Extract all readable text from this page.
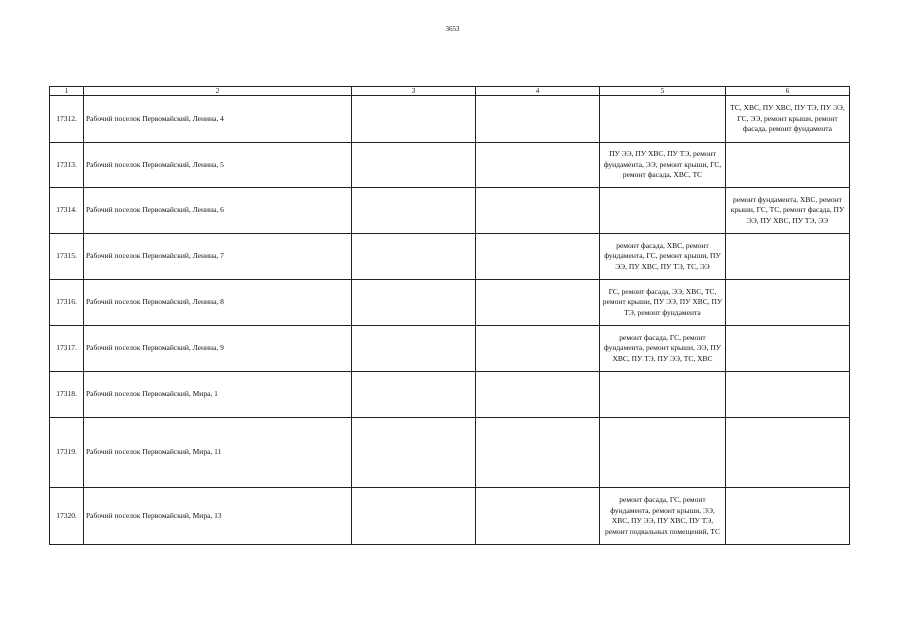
3653
1	2	3	4	5	6
17312.	Рабочий поселок Первомайский, Ленина, 4				ТС, ХВС, ПУ ХВС, ПУ ТЭ, ПУ ЭЭ, ГС, ЭЭ, ремонт крыши, ремонт фасада, ремонт фундамента
17313.	Рабочий поселок Первомайский, Ленина, 5			ПУ ЭЭ, ПУ ХВС, ПУ ТЭ, ремонт фундамента, ЭЭ, ремонт крыши, ГС, ремонт фасада, ХВС, ТС	
17314.	Рабочий поселок Первомайский, Ленина, 6				ремонт фундамента, ХВС, ремонт крыши, ГС, ТС, ремонт фасада, ПУ ЭЭ, ПУ ХВС, ПУ ТЭ, ЭЭ
17315.	Рабочий поселок Первомайский, Ленина, 7			ремонт фасада, ХВС, ремонт фундамента, ГС, ремонт крыши, ПУ ЭЭ, ПУ ХВС, ПУ ТЭ, ТС, ЭЭ	
17316.	Рабочий поселок Первомайский, Ленина, 8			ГС, ремонт фасада, ЭЭ, ХВС, ТС, ремонт крыши, ПУ ЭЭ, ПУ ХВС, ПУ ТЭ, ремонт фундамента	
17317.	Рабочий поселок Первомайский, Ленина, 9			ремонт фасада, ГС, ремонт фундамента, ремонт крыши, ЭЭ, ПУ ХВС, ПУ ТЭ, ПУ ЭЭ, ТС, ХВС	
17318.	Рабочий поселок Первомайский, Мира, 1				
17319.	Рабочий поселок Первомайский, Мира, 11				
17320.	Рабочий поселок Первомайский, Мира, 13			ремонт фасада, ГС, ремонт фундамента, ремонт крыши, ЭЭ, ХВС, ПУ ЭЭ, ПУ ХВС, ПУ ТЭ, ремонт подвальных помещений, ТС	
